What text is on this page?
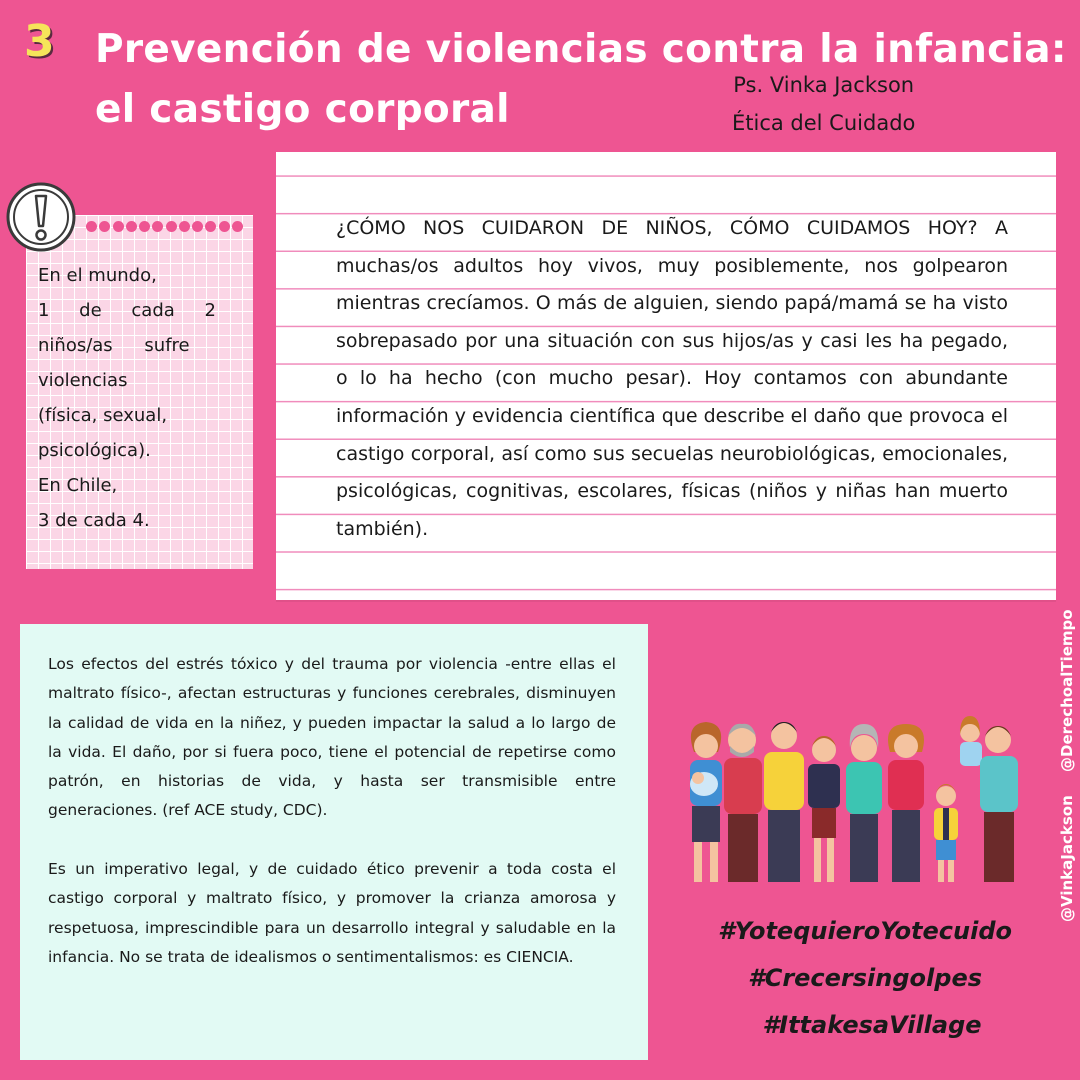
3 Prevención de violencias contra la infancia:
el castigo corporal
Ps. Vinka Jackson
Ética del Cuidado
¿CÓMO NOS CUIDARON DE NIÑOS, CÓMO CUIDAMOS HOY? A muchas/os adultos hoy vivos, muy posiblemente, nos golpearon mientras crecíamos. O más de alguien, siendo papá/mamá se ha visto sobrepasado por una situación con sus hijos/as y casi les ha pegado, o lo ha hecho (con mucho pesar). Hoy contamos con abundante información y evidencia científica que describe el daño que provoca el castigo corporal, así como sus secuelas neurobiológicas, emocionales, psicológicas, cognitivas, escolares, físicas (niños y niñas han muerto también).
En el mundo,
1 de cada 2
niños/as sufre
violencias
(física, sexual,
psicológica).
En Chile,
3 de cada 4.

Los efectos del estrés tóxico y del trauma por violencia -entre ellas el maltrato físico-, afectan estructuras y funciones cerebrales, disminuyen la calidad de vida en la niñez, y pueden impactar la salud a lo largo de la vida. El daño, por si fuera poco, tiene el potencial de repetirse como patrón, en historias de vida, y hasta ser transmisible entre generaciones. (ref ACE study, CDC).

Es un imperativo legal, y de cuidado ético prevenir a toda costa el castigo corporal y maltrato físico, y promover la crianza amorosa y respetuosa, imprescindible para un desarrollo integral y saludable en la infancia. No se trata de idealismos o sentimentalismos: es CIENCIA.

#YotequieroYotecuido
#Crecersingolpes
#IttakesaVillage
@DerechoalTiempo
@VinkaJackson
